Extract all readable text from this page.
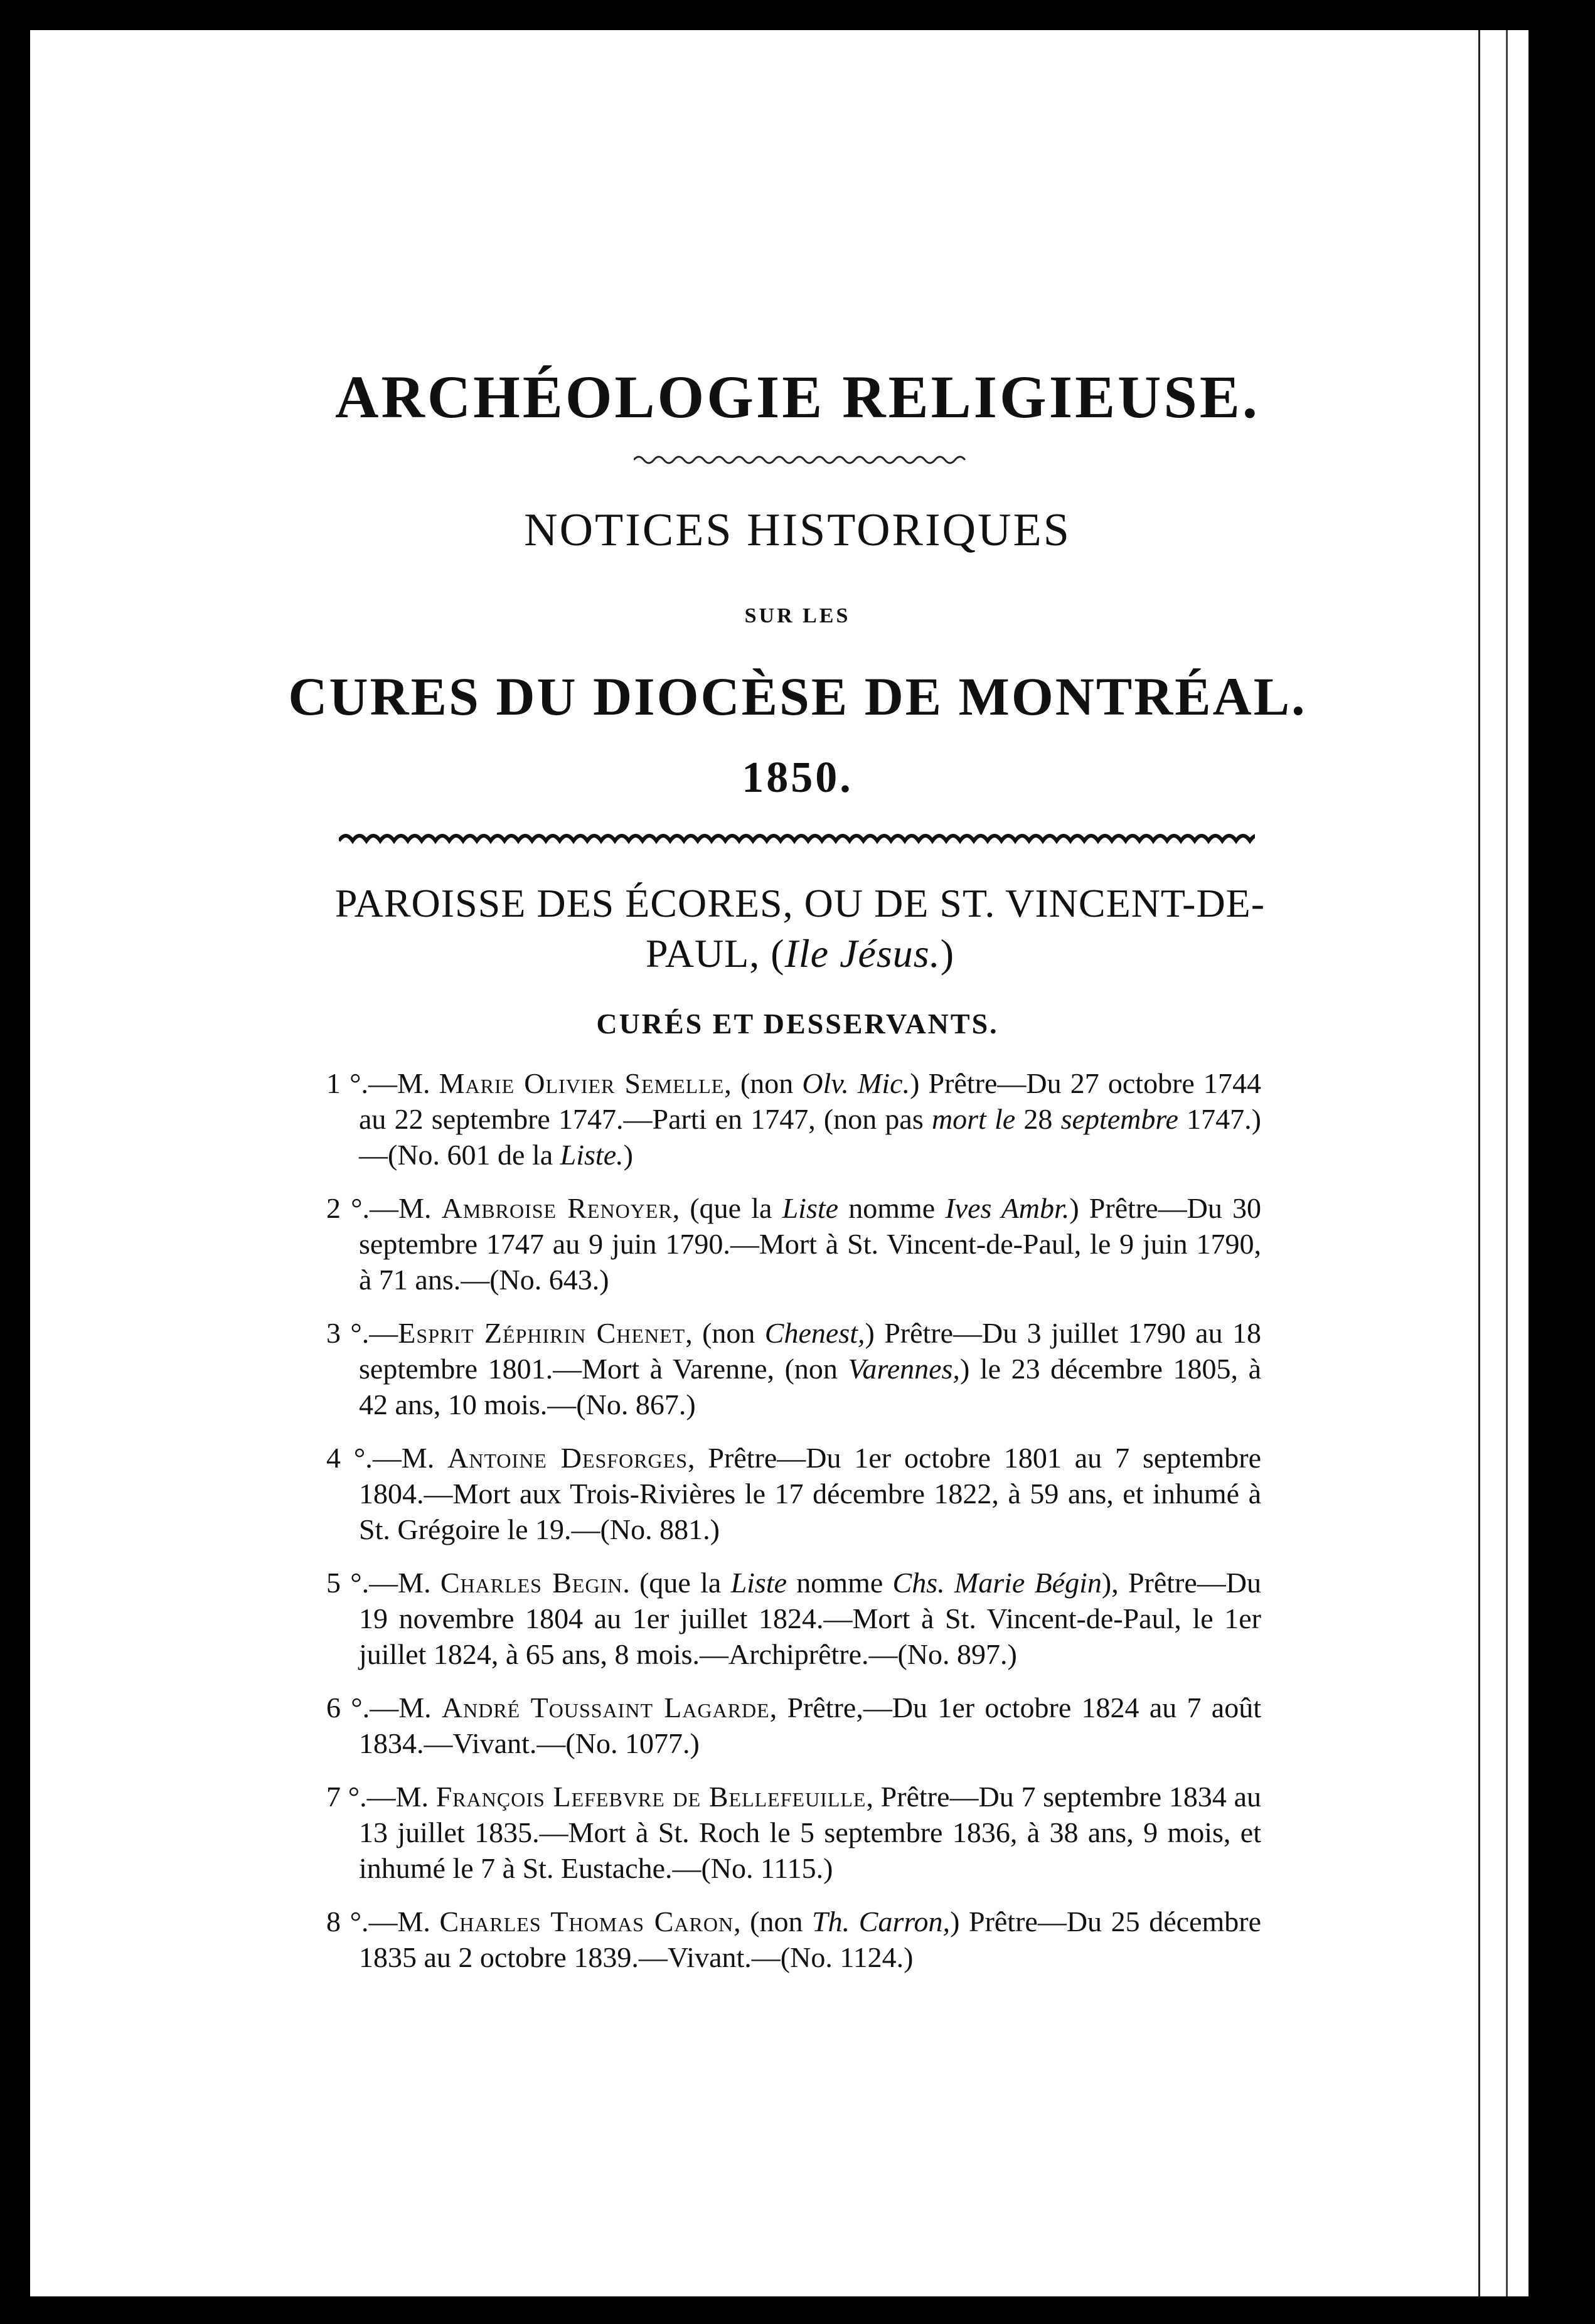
ARCHÉOLOGIE RELIGIEUSE.
NOTICES HISTORIQUES
SUR LES
CURES DU DIOCÈSE DE MONTRÉAL.
1850.
PAROISSE DES ÉCORES, OU DE ST. VINCENT-DE-
PAUL, (Ile Jésus.)
CURÉS ET DESSERVANTS.

1 °.—M. Marie Olivier Semelle, (non Olv. Mic.) Prêtre—Du 27 octobre 1744 au 22 septembre 1747.—Parti en 1747, (non pas mort le 28 septembre 1747.)—(No. 601 de la Liste.)

2 °.—M. Ambroise Renoyer, (que la Liste nomme Ives Ambr.) Prêtre—Du 30 septembre 1747 au 9 juin 1790.—Mort à St. Vincent-de-Paul, le 9 juin 1790, à 71 ans.—(No. 643.)

3 °.—Esprit Zéphirin Chenet, (non Chenest,) Prêtre—Du 3 juillet 1790 au 18 septembre 1801.—Mort à Varenne, (non Varennes,) le 23 décembre 1805, à 42 ans, 10 mois.—(No. 867.)

4 °.—M. Antoine Desforges, Prêtre—Du 1er octobre 1801 au 7 septembre 1804.—Mort aux Trois-Rivières le 17 décembre 1822, à 59 ans, et inhumé à St. Grégoire le 19.—(No. 881.)

5 °.—M. Charles Begin. (que la Liste nomme Chs. Marie Bégin), Prêtre—Du 19 novembre 1804 au 1er juillet 1824.—Mort à St. Vincent-de-Paul, le 1er juillet 1824, à 65 ans, 8 mois.—Archiprêtre.—(No. 897.)

6 °.—M. André Toussaint Lagarde, Prêtre,—Du 1er octobre 1824 au 7 août 1834.—Vivant.—(No. 1077.)

7 °.—M. François Lefebvre de Bellefeuille, Prêtre—Du 7 septembre 1834 au 13 juillet 1835.—Mort à St. Roch le 5 septembre 1836, à 38 ans, 9 mois, et inhumé le 7 à St. Eustache.—(No. 1115.)

8 °.—M. Charles Thomas Caron, (non Th. Carron,) Prêtre—Du 25 décembre 1835 au 2 octobre 1839.—Vivant.—(No. 1124.)
